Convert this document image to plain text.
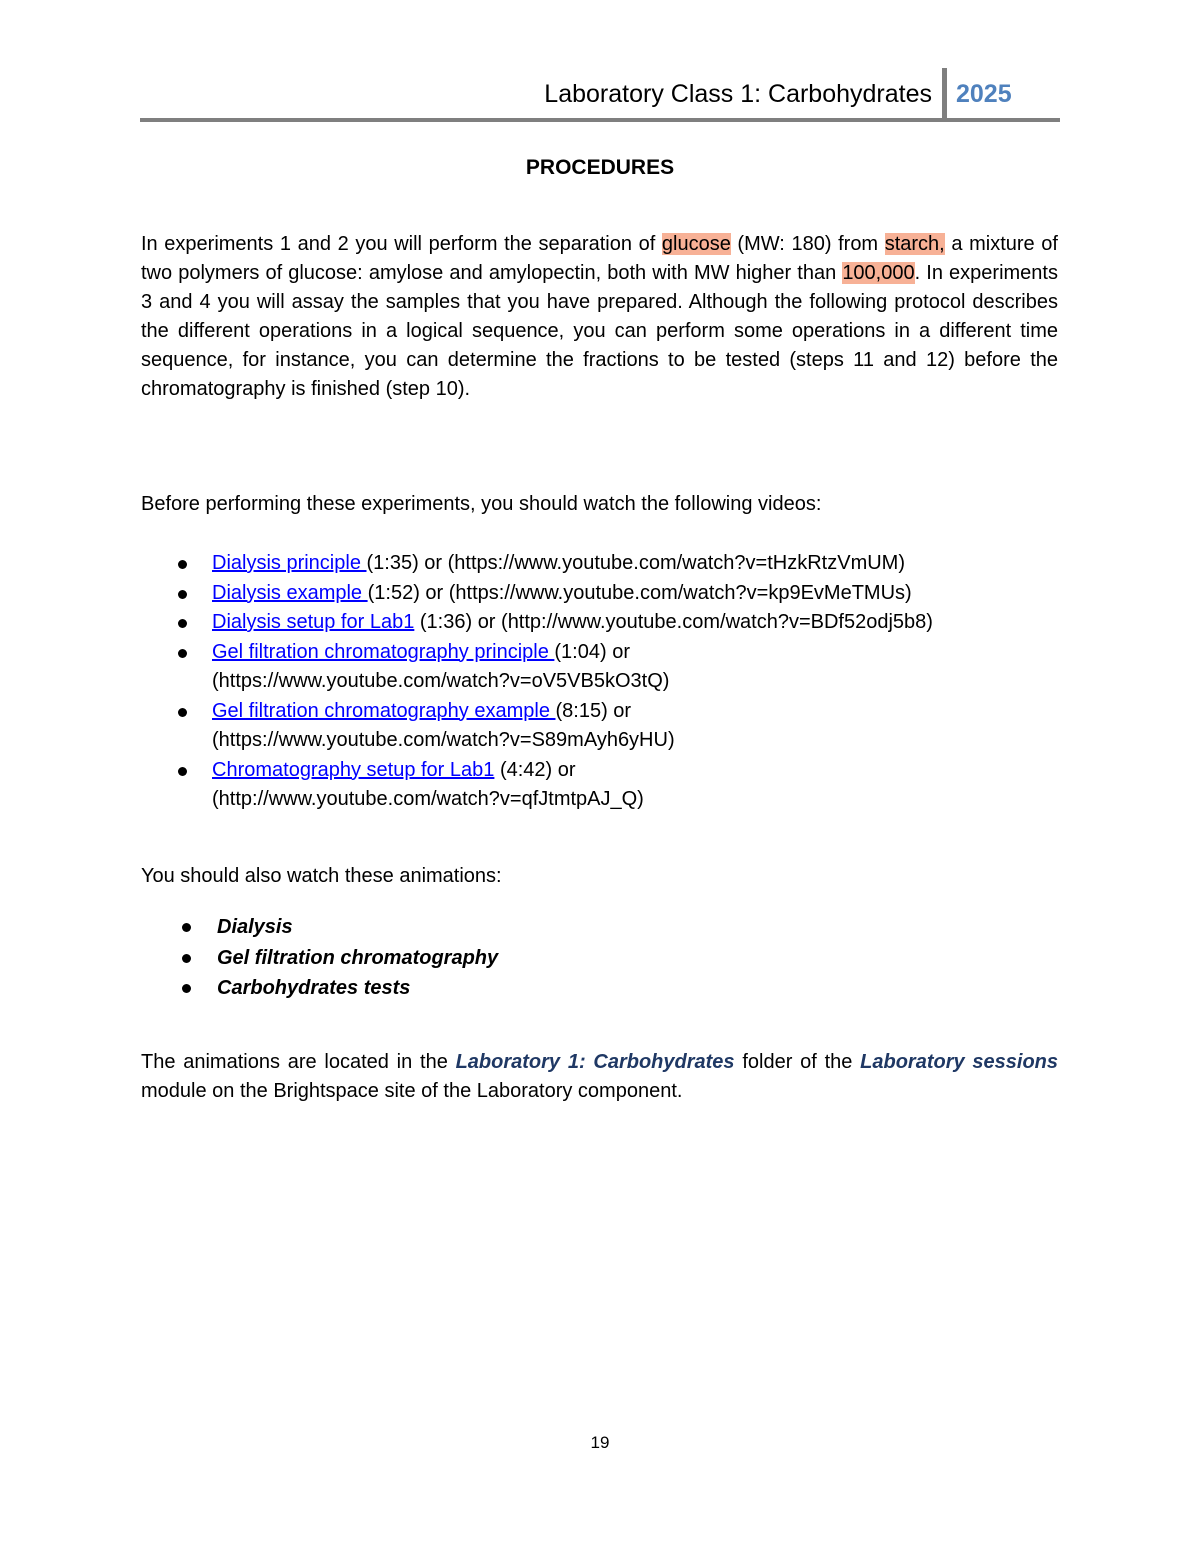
Laboratory Class 1: Carbohydrates 2025
PROCEDURES
In experiments 1 and 2 you will perform the separation of glucose (MW: 180) from starch, a mixture of two polymers of glucose: amylose and amylopectin, both with MW higher than 100,000. In experiments 3 and 4 you will assay the samples that you have prepared. Although the following protocol describes the different operations in a logical sequence, you can perform some operations in a different time sequence, for instance, you can determine the fractions to be tested (steps 11 and 12) before the chromatography is finished (step 10).
Before performing these experiments, you should watch the following videos:
Dialysis principle (1:35) or (https://www.youtube.com/watch?v=tHzkRtzVmUM)
Dialysis example (1:52) or (https://www.youtube.com/watch?v=kp9EvMeTMUs)
Dialysis setup for Lab1 (1:36) or (http://www.youtube.com/watch?v=BDf52odj5b8)
Gel filtration chromatography principle (1:04) or (https://www.youtube.com/watch?v=oV5VB5kO3tQ)
Gel filtration chromatography example (8:15) or (https://www.youtube.com/watch?v=S89mAyh6yHU)
Chromatography setup for Lab1 (4:42) or (http://www.youtube.com/watch?v=qfJtmtpAJ_Q)
You should also watch these animations:
Dialysis
Gel filtration chromatography
Carbohydrates tests
The animations are located in the Laboratory 1: Carbohydrates folder of the Laboratory sessions module on the Brightspace site of the Laboratory component.
19
